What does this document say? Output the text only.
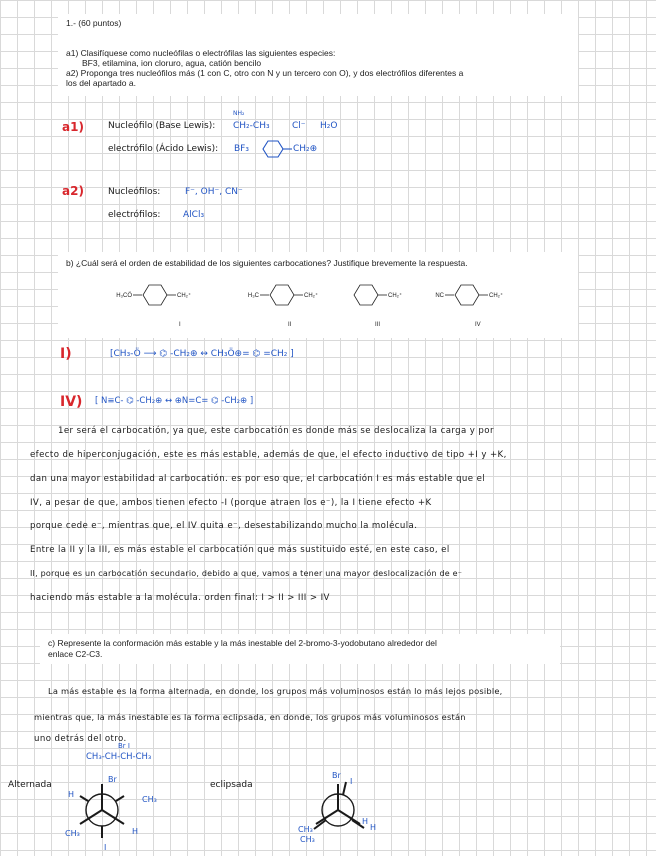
1.- (60 puntos)
a1) Clasifíquese como nucleófilas o electrófilas las siguientes especies:
BF3, etilamina, ion cloruro, agua, catión bencilo
a2) Proponga tres nucleófilos más (1 con C, otro con N y un tercero con O), y dos electrófilos diferentes a
los del apartado a.
a1)	Nucleófilo (Base Lewis):
NH₂
CH₂-CH₃ Cl⁻ H₂O
electrófilo (Ácido Lewis): BF₃	CH₂⊕
a2)	Nucleófilos:	F⁻, OH⁻, CN⁻
electrófilos:	AlCl₃
b) ¿Cuál será el orden de estabilidad de los siguientes carbocationes? Justifique brevemente la respuesta.
H₃CÖ	CH₂⁺
I
H₃C	CH₂⁺
II
CH₂⁺
III
NC	CH₂⁺
IV
I)	[CH₃-Ö ⟶ ⌬ -CH₂⊕ ↔ CH₃Ö⊕= ⌬ =CH₂ ]
IV) [ N≡C- ⌬ -CH₂⊕ ↔ ⊕N=C= ⌬ -CH₂⊕ ]
1er será el carbocatión, ya que, este carbocatión es donde más se deslocaliza la carga y por
efecto de hiperconjugación, este es más estable, además de que, el efecto inductivo de tipo +I y +K,
dan una mayor estabilidad al carbocatión. es por eso que, el carbocatión I es más estable que el
IV, a pesar de que, ambos tienen efecto -I (porque atraen los e⁻), la I tiene efecto +K
porque cede e⁻, mientras que, el IV quita e⁻, desestabilizando mucho la molécula.
Entre la II y la III, es más estable el carbocatión que más sustituido esté, en este caso, el
II, porque es un carbocatión secundario, debido a que, vamos a tener una mayor deslocalización de e⁻
haciendo más estable a la molécula. orden final: I > II > III > IV
c) Represente la conformación más estable y la más inestable del 2-bromo-3-yodobutano alrededor del
enlace C2-C3.
La más estable es la forma alternada, en donde, los grupos más voluminosos están lo más lejos posible,
mientras que, la más inestable es la forma eclipsada, en donde, los grupos más voluminosos están
uno detrás del otro.
Br I
CH₃-CH-CH-CH₃
Alternada	eclipsada
Br
H
CH₃
CH₃	H
I
Br
I
CH₃
CH₃
H
H
